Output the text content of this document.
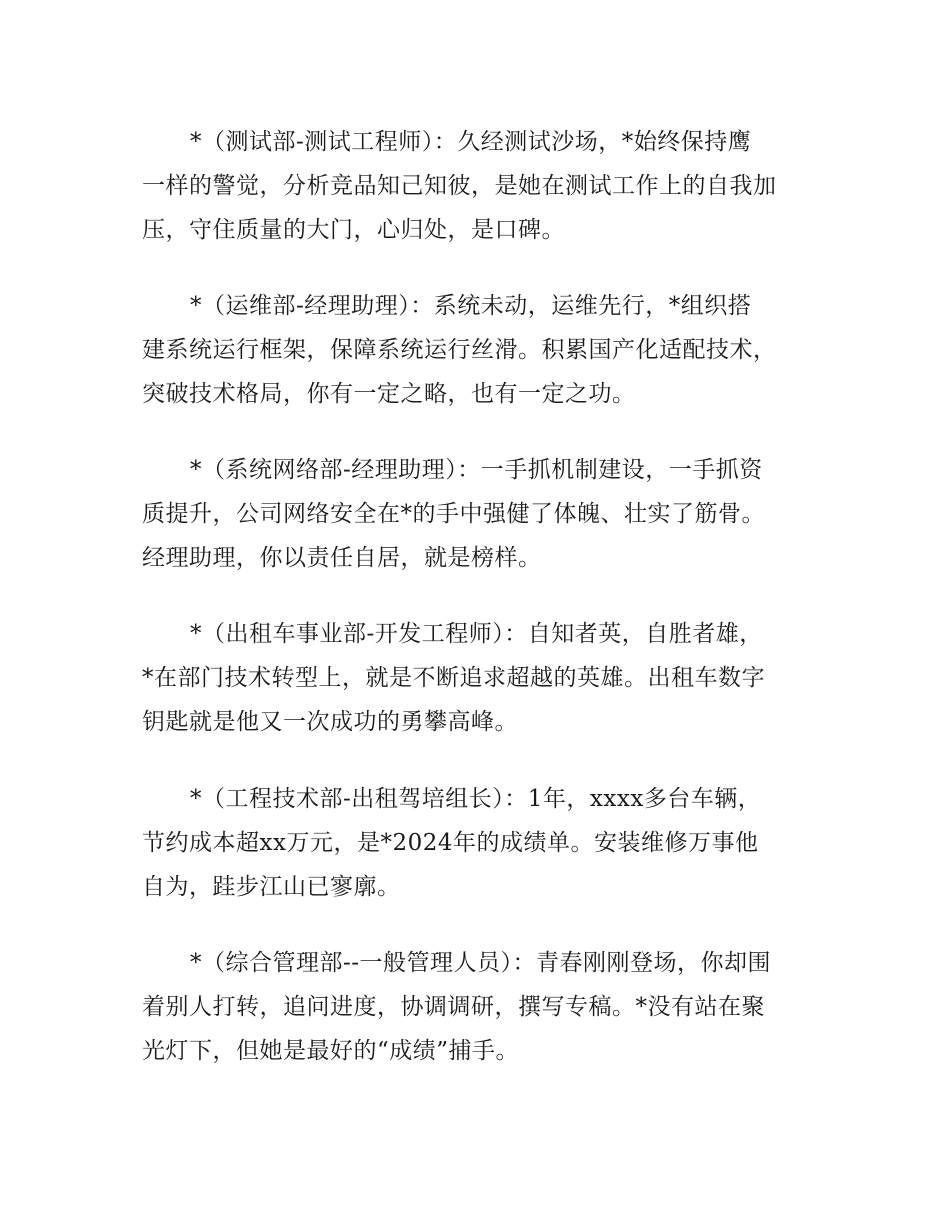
*（测试部-测试工程师）：久经测试沙场，*始终保持鹰
一样的警觉，分析竞品知己知彼，是她在测试工作上的自我加
压，守住质量的大门，心归处，是口碑。

*（运维部-经理助理）：系统未动，运维先行，*组织搭
建系统运行框架，保障系统运行丝滑。积累国产化适配技术，
突破技术格局，你有一定之略，也有一定之功。

*（系统网络部-经理助理）：一手抓机制建设，一手抓资
质提升，公司网络安全在*的手中强健了体魄、壮实了筋骨。
经理助理，你以责任自居，就是榜样。

*（出租车事业部-开发工程师）：自知者英，自胜者雄，
*在部门技术转型上，就是不断追求超越的英雄。出租车数字
钥匙就是他又一次成功的勇攀高峰。

*（工程技术部-出租驾培组长）：1年，xxxx多台车辆，
节约成本超xx万元，是*2024年的成绩单。安装维修万事他
自为，跬步江山已寥廓。

*（综合管理部--一般管理人员）：青春刚刚登场，你却围
着别人打转，追问进度，协调调研，撰写专稿。*没有站在聚
光灯下，但她是最好的“成绩”捕手。
